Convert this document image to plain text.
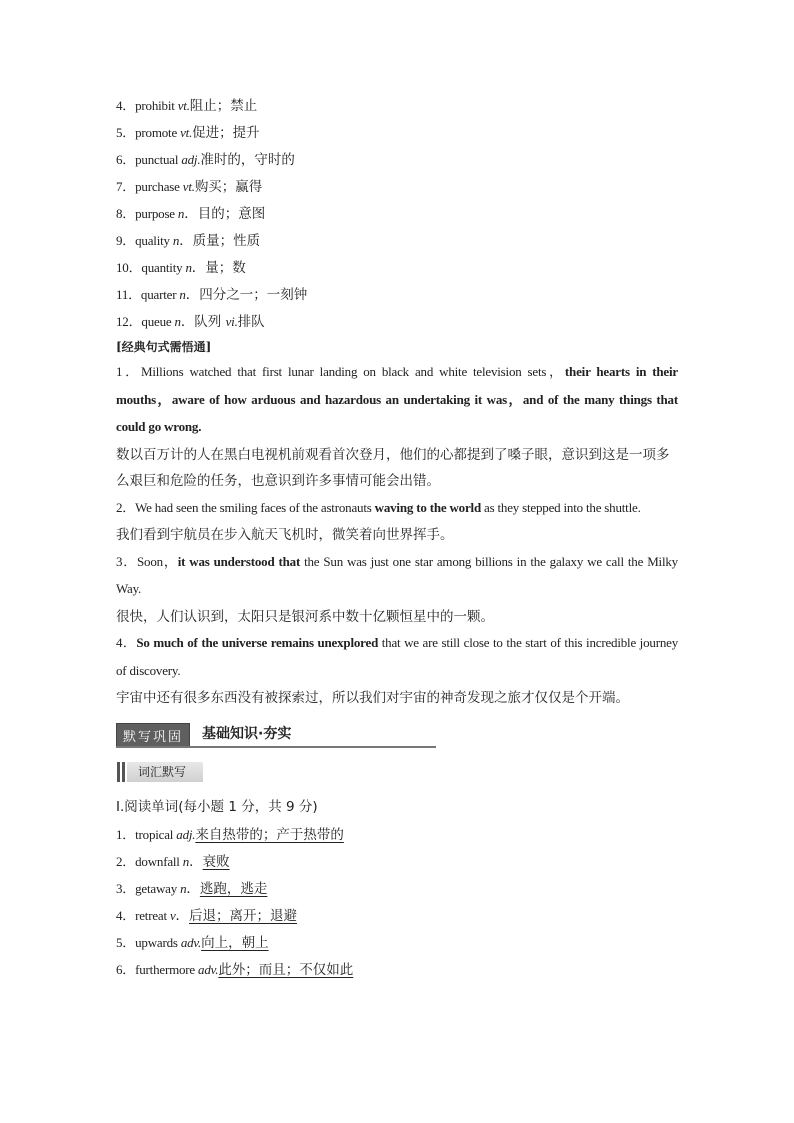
4．prohibit vt.阻止；禁止
5．promote vt.促进；提升
6．punctual adj.准时的，守时的
7．purchase vt.购买；赢得
8．purpose n．目的；意图
9．quality n．质量；性质
10．quantity n．量；数
11．quarter n．四分之一；一刻钟
12．queue n．队列 vi.排队
[经典句式需悟通]
1．Millions watched that first lunar landing on black and white television sets，their hearts in their mouths，aware of how arduous and hazardous an undertaking it was，and of the many things that could go wrong.
数以百万计的人在黑白电视机前观看首次登月，他们的心都提到了嗓子眼，意识到这是一项多么艰巨和危险的任务，也意识到许多事情可能会出错。
2．We had seen the smiling faces of the astronauts waving to the world as they stepped into the shuttle.
我们看到宇航员在步入航天飞机时，微笑着向世界挥手。
3．Soon，it was understood that the Sun was just one star among billions in the galaxy we call the Milky Way.
很快，人们认识到，太阳只是银河系中数十亿颗恒星中的一颗。
4．So much of the universe remains unexplored that we are still close to the start of this incredible journey of discovery.
宇宙中还有很多东西没有被探索过，所以我们对宇宙的神奇发现之旅才仅仅是个开端。
默写巩固	基础知识·夯实
词汇默写
Ⅰ.阅读单词(每小题 1 分，共 9 分)
1．tropical adj.来自热带的；产于热带的
2．downfall n．衰败
3．getaway n．逃跑，逃走
4．retreat v．后退；离开；退避
5．upwards adv.向上，朝上
6．furthermore adv.此外；而且；不仅如此
